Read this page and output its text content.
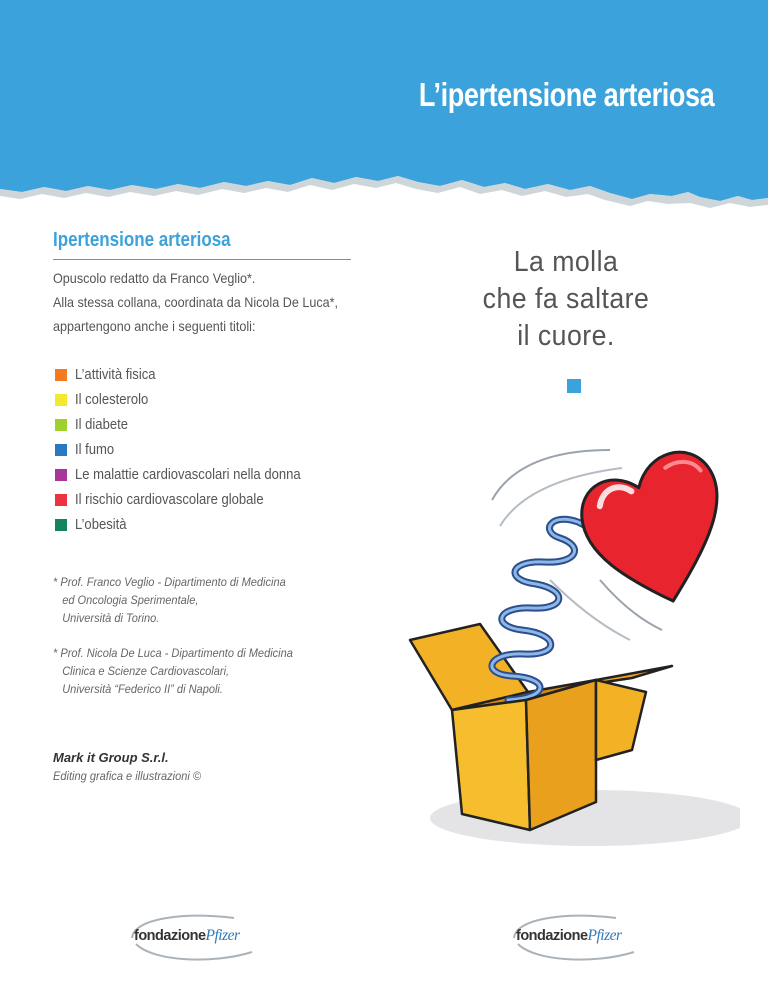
L’ipertensione arteriosa
Ipertensione arteriosa
Opuscolo redatto da Franco Veglio*.
Alla stessa collana, coordinata da Nicola De Luca*,
appartengono anche i seguenti titoli:
L’attività fisica
Il colesterolo
Il diabete
Il fumo
Le malattie cardiovascolari nella donna
Il rischio cardiovascolare globale
L’obesità
* Prof. Franco Veglio - Dipartimento di Medicina
ed Oncologia Sperimentale,
Università di Torino.
* Prof. Nicola De Luca - Dipartimento di Medicina
Clinica e Scienze Cardiovascolari,
Università “Federico II” di Napoli.
Mark it Group S.r.l.
Editing grafica e illustrazioni ©
La molla
che fa saltare
il cuore.
fondazionePfizer	fondazionePfizer
